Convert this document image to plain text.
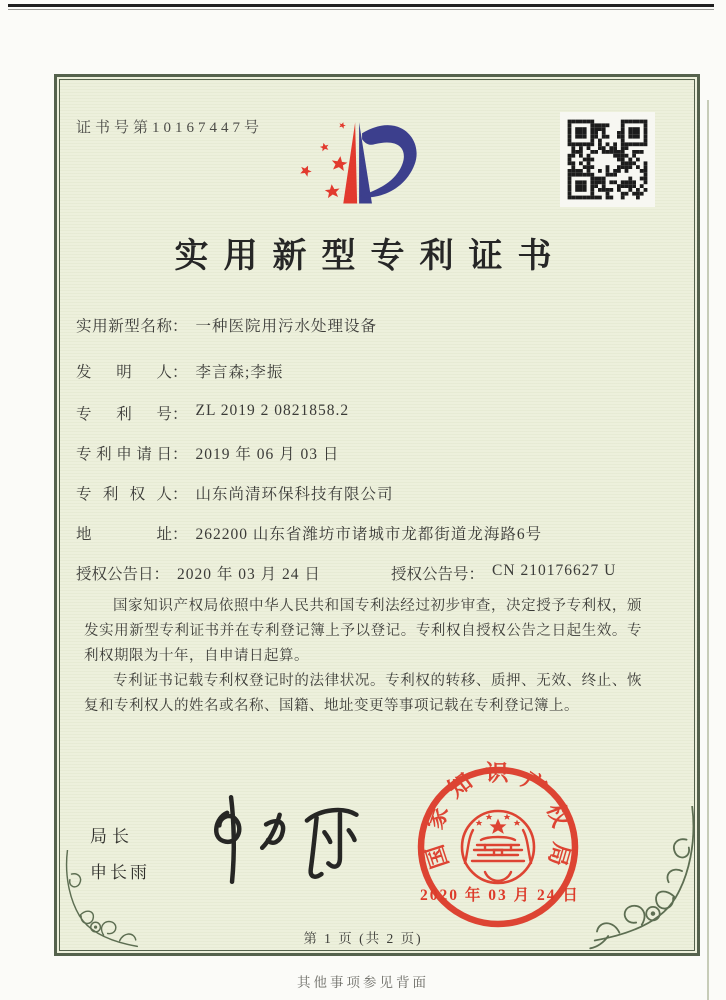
证书号第10167447号
实用新型专利证书
实用新型名称 ： 一种医院用污水处理设备
发明人 ： 李言森;李振
专利号 ： ZL 2019 2 0821858.2
专利申请日 ： 2019 年 06 月 03 日
专利权人 ： 山东尚清环保科技有限公司
地址 ： 262200 山东省潍坊市诸城市龙都街道龙海路6号
授权公告日 ： 2020 年 03 月 24 日	授权公告号 ： CN 210176627 U

国家知识产权局依照中华人民共和国专利法经过初步审查，决定授予专利权，颁发实用新型专利证书并在专利登记簿上予以登记。专利权自授权公告之日起生效。专利权期限为十年，自申请日起算。

专利证书记载专利权登记时的法律状况。专利权的转移、质押、无效、终止、恢复和专利权人的姓名或名称、国籍、地址变更等事项记载在专利登记簿上。

局长
申长雨
国家知识产权局
2020 年 03 月 24 日
第 1 页 (共 2 页)
其他事项参见背面
